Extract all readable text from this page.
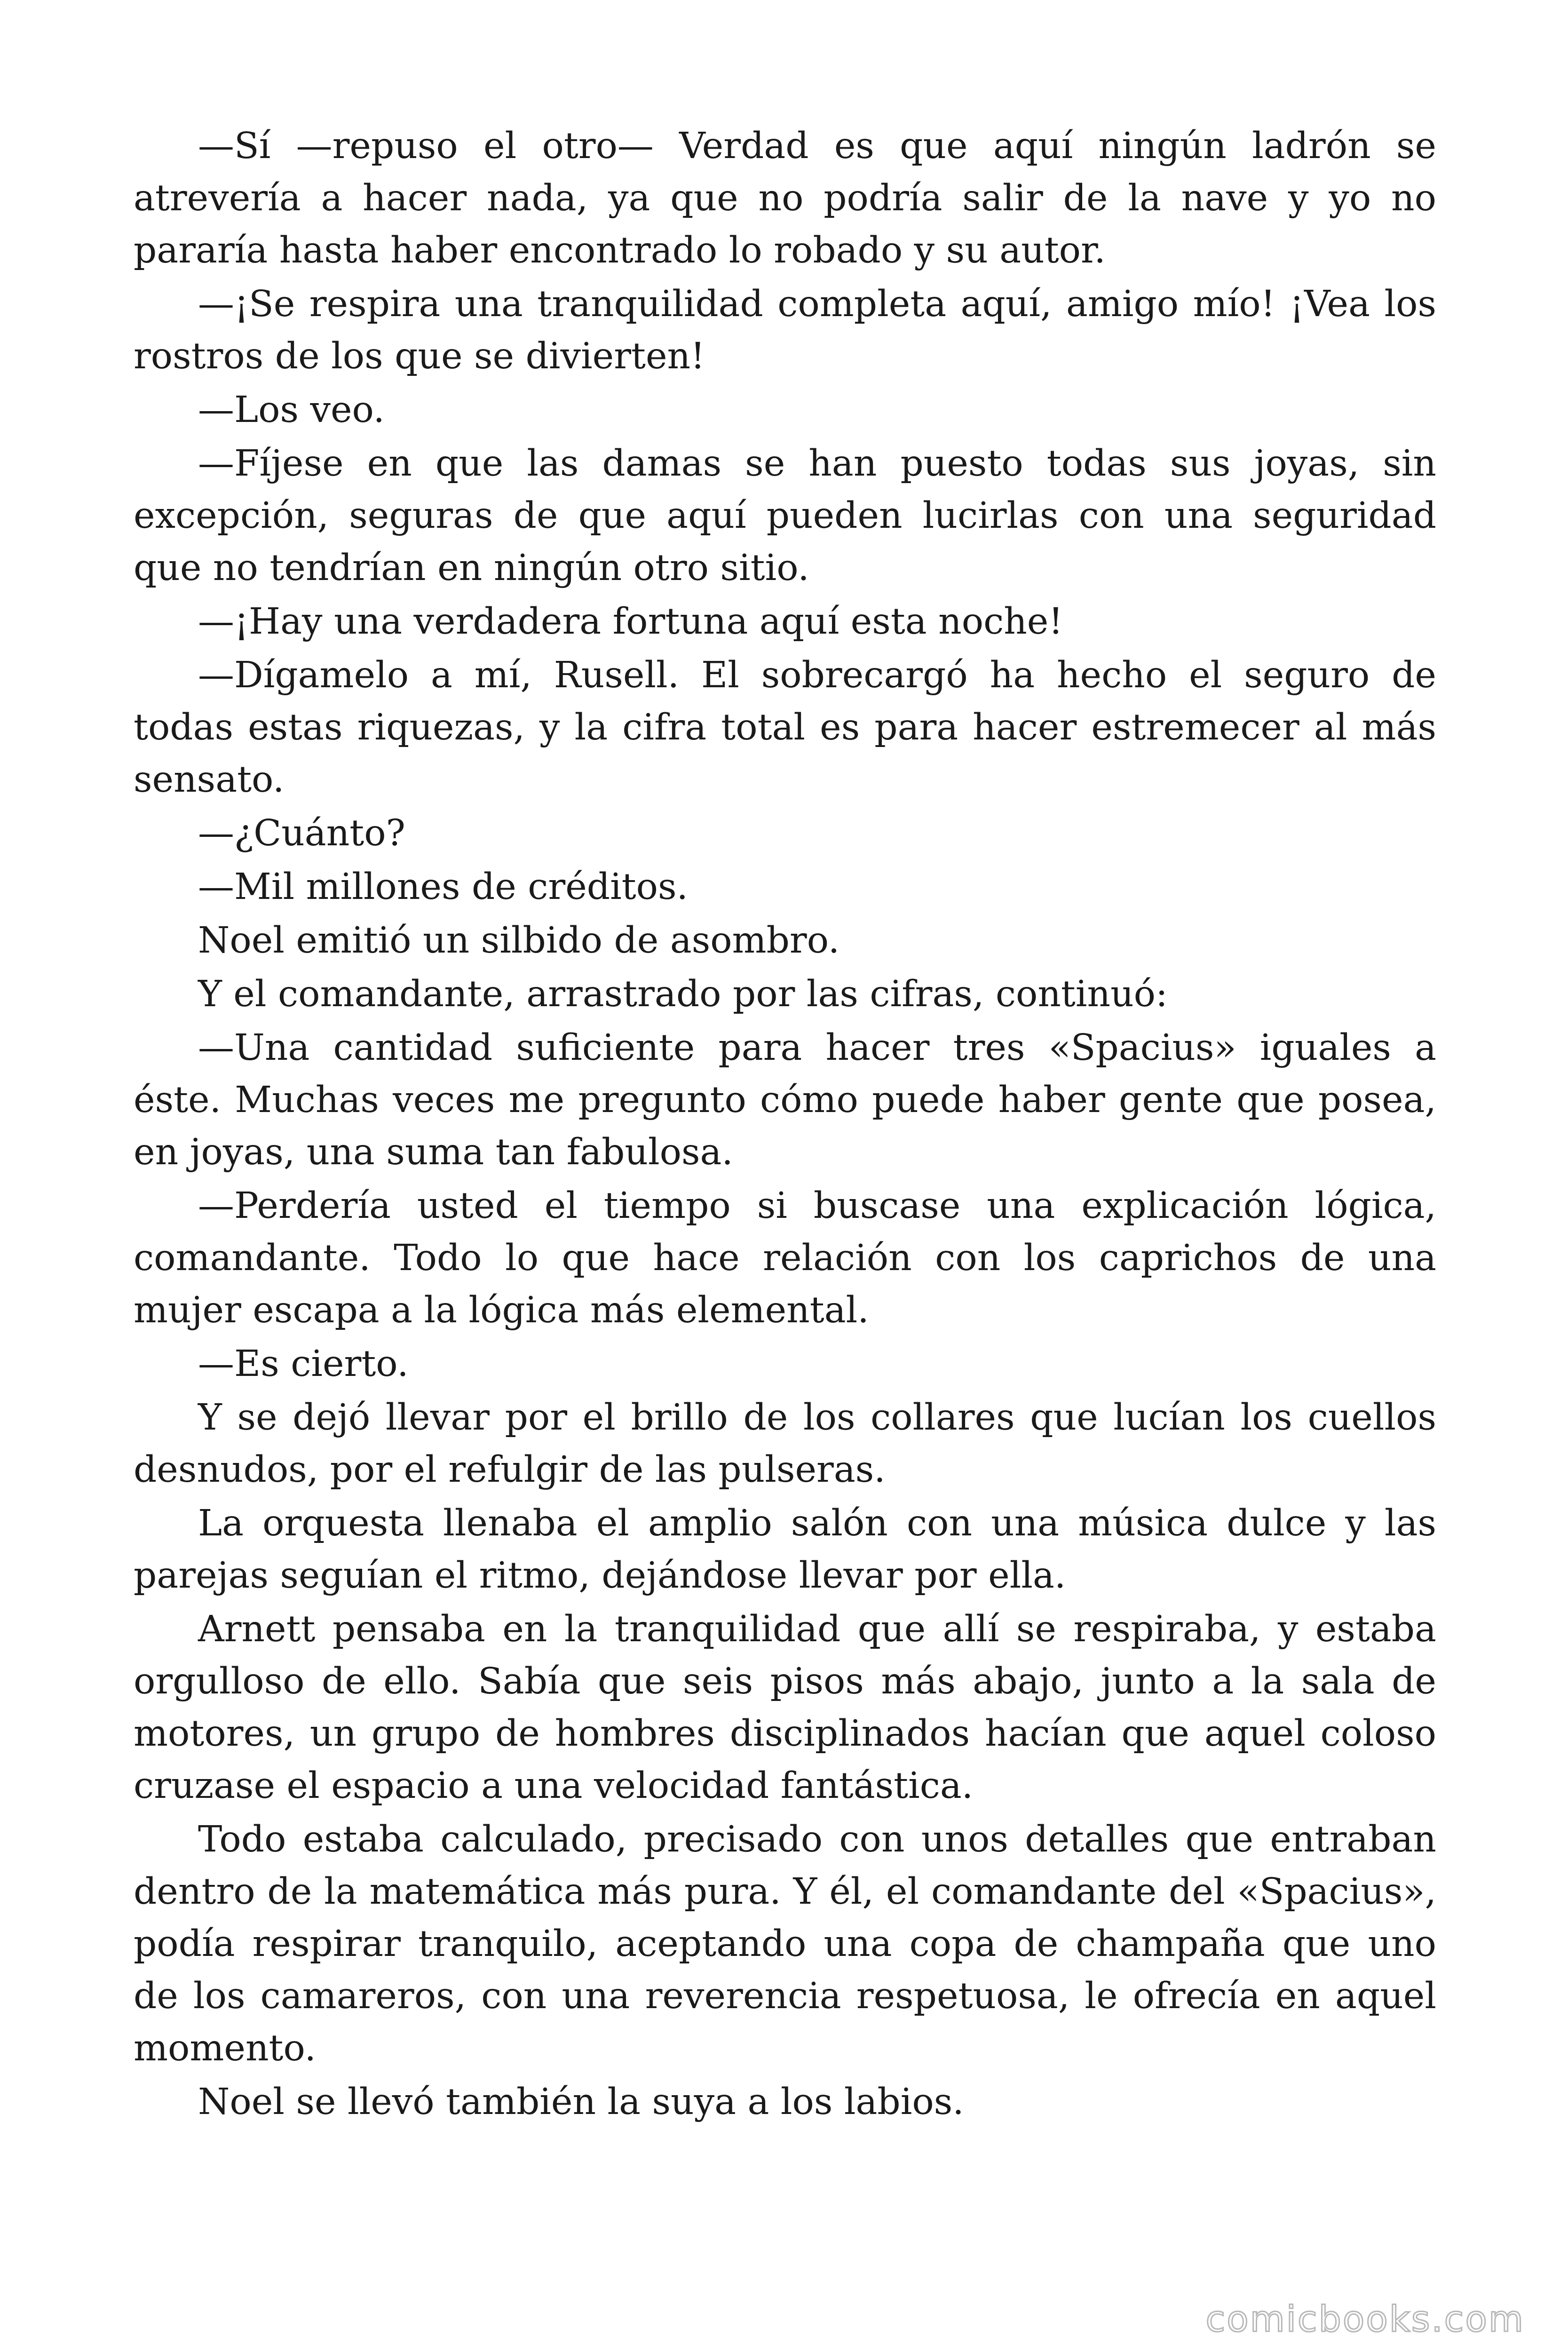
—Sí —repuso el otro— Verdad es que aquí ningún ladrón se atrevería a hacer nada, ya que no podría salir de la nave y yo no pararía hasta haber encontrado lo robado y su autor.

—¡Se respira una tranquilidad completa aquí, amigo mío! ¡Vea los rostros de los que se divierten!

—Los veo.

—Fíjese en que las damas se han puesto todas sus joyas, sin excepción, seguras de que aquí pueden lucirlas con una seguridad que no tendrían en ningún otro sitio.

—¡Hay una verdadera fortuna aquí esta noche!

—Dígamelo a mí, Rusell. El sobrecargó ha hecho el seguro de todas estas riquezas, y la cifra total es para hacer estremecer al más sensato.

—¿Cuánto?

—Mil millones de créditos.

Noel emitió un silbido de asombro.

Y el comandante, arrastrado por las cifras, continuó:

—Una cantidad suficiente para hacer tres «Spacius» iguales a éste. Muchas veces me pregunto cómo puede haber gente que posea, en joyas, una suma tan fabulosa.

—Perdería usted el tiempo si buscase una explicación lógica, comandante. Todo lo que hace relación con los caprichos de una mujer escapa a la lógica más elemental.

—Es cierto.

Y se dejó llevar por el brillo de los collares que lucían los cuellos desnudos, por el refulgir de las pulseras.

La orquesta llenaba el amplio salón con una música dulce y las parejas seguían el ritmo, dejándose llevar por ella.

Arnett pensaba en la tranquilidad que allí se respiraba, y estaba orgulloso de ello. Sabía que seis pisos más abajo, junto a la sala de motores, un grupo de hombres disciplinados hacían que aquel coloso cruzase el espacio a una velocidad fantástica.

Todo estaba calculado, precisado con unos detalles que entraban dentro de la matemática más pura. Y él, el comandante del «Spacius», podía respirar tranquilo, aceptando una copa de champaña que uno de los camareros, con una reverencia respetuosa, le ofrecía en aquel momento.

Noel se llevó también la suya a los labios.

comicbooks.com
